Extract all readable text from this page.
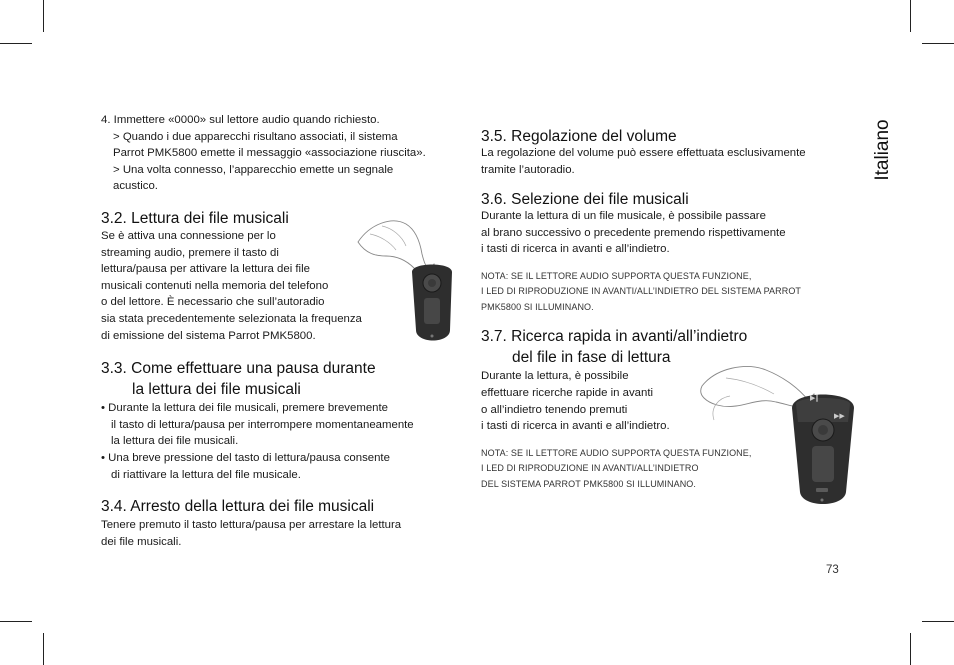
4. Immettere «0000» sul lettore audio quando richiesto.

> Quando i due apparecchi risultano associati, il sistema

Parrot PMK5800 emette il messaggio «associazione riuscita».

> Una volta connesso, l’apparecchio emette un segnale

acustico.

3.2. Lettura dei file musicali

Se è attiva una connessione per lo

streaming audio, premere il tasto di

lettura/pausa per attivare la lettura dei file

musicali contenuti nella memoria del telefono

o del lettore. È necessario che sull’autoradio

sia stata precedentemente selezionata la frequenza

di emissione del sistema Parrot PMK5800.

3.3. Come effettuare una pausa durante
la lettura dei file musicali

• Durante la lettura dei file musicali, premere brevemente

il tasto di lettura/pausa per interrompere momentaneamente

la lettura dei file musicali.

• Una breve pressione del tasto di lettura/pausa consente

di riattivare la lettura del file musicale.

3.4. Arresto della lettura dei file musicali

Tenere premuto il tasto lettura/pausa per arrestare la lettura

dei file musicali.

3.5. Regolazione del volume

La regolazione del volume può essere effettuata esclusivamente

tramite l’autoradio.

3.6. Selezione dei file musicali

Durante la lettura di un file musicale, è possibile passare

al brano successivo o precedente premendo rispettivamente

i tasti di ricerca in avanti e all’indietro.

NOTA: SE IL LETTORE AUDIO SUPPORTA QUESTA FUNZIONE,

I LED DI RIPRODUZIONE IN AVANTI/ALL’INDIETRO DEL SISTEMA PARROT

PMK5800 SI ILLUMINANO.

3.7. Ricerca rapida in avanti/all’indietro
del file in fase di lettura

Durante la lettura, è possibile

effettuare ricerche rapide in avanti

o all’indietro tenendo premuti

i tasti di ricerca in avanti e all’indietro.

NOTA: SE IL LETTORE AUDIO SUPPORTA QUESTA FUNZIONE,

I LED DI RIPRODUZIONE IN AVANTI/ALL’INDIETRO

DEL SISTEMA PARROT PMK5800 SI ILLUMINANO.

▶‖
▶▶
Italiano
73
